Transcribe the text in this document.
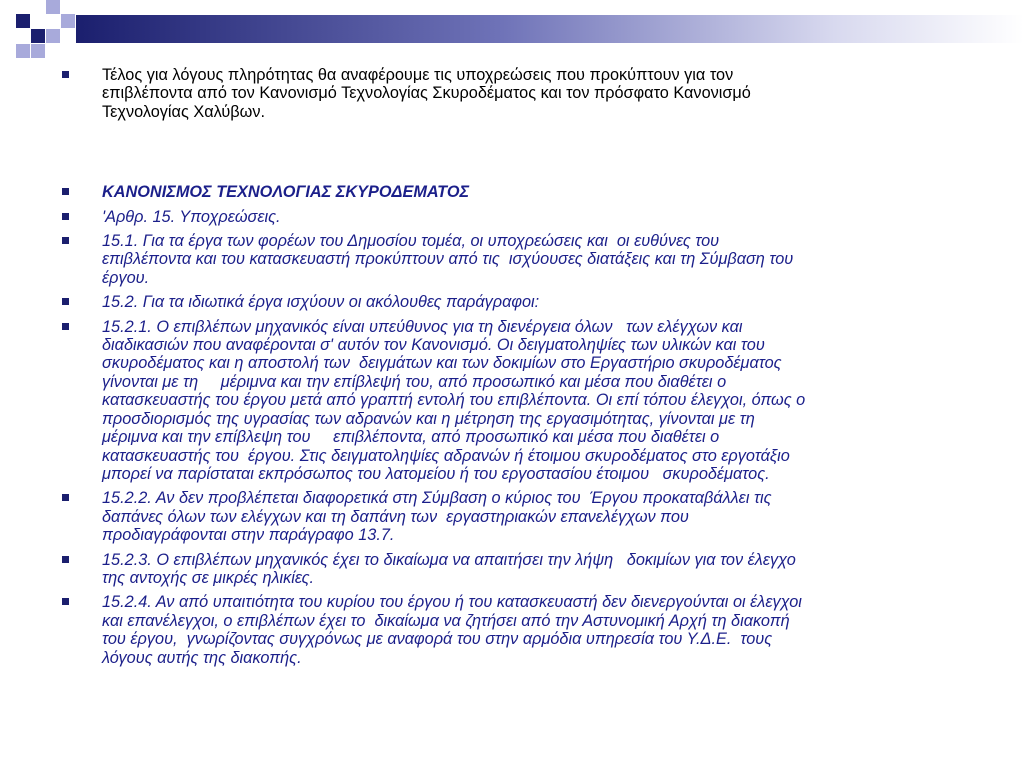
Τέλος για λόγους πληρότητας θα αναφέρουμε τις υποχρεώσεις που προκύπτουν για τον
επιβλέποντα από τον Κανονισμό Τεχνολογίας Σκυροδέματος και τον πρόσφατο Κανονισμό
Τεχνολογίας Χαλύβων.
ΚΑΝΟΝΙΣΜΟΣ ΤΕΧΝΟΛΟΓΙΑΣ ΣΚΥΡΟΔΕΜΑΤΟΣ
'Αρθρ. 15. Υποχρεώσεις.
15.1. Για τα έργα των φορέων του Δημοσίου τομέα, οι υποχρεώσεις και  οι ευθύνες του
επιβλέποντα και του κατασκευαστή προκύπτουν από τις  ισχύουσες διατάξεις και τη Σύμβαση του
έργου.
15.2. Για τα ιδιωτικά έργα ισχύουν οι ακόλουθες παράγραφοι:
15.2.1. Ο επιβλέπων μηχανικός είναι υπεύθυνος για τη διενέργεια όλων   των ελέγχων και
διαδικασιών που αναφέρονται σ' αυτόν τον Κανονισμό. Οι δειγματοληψίες των υλικών και του
σκυροδέματος και η αποστολή των  δειγμάτων και των δοκιμίων στο Εργαστήριο σκυροδέματος
γίνονται με τη     μέριμνα και την επίβλεψή του, από προσωπικό και μέσα που διαθέτει ο
κατασκευαστής του έργου μετά από γραπτή εντολή του επιβλέποντα. Οι επί τόπου έλεγχοι, όπως ο
προσδιορισμός της υγρασίας των αδρανών και η μέτρηση της εργασιμότητας, γίνονται με τη
μέριμνα και την επίβλεψη του     επιβλέποντα, από προσωπικό και μέσα που διαθέτει ο
κατασκευαστής του  έργου. Στις δειγματοληψίες αδρανών ή έτοιμου σκυροδέματος στο εργοτάξιο
μπορεί να παρίσταται εκπρόσωπος του λατομείου ή του εργοστασίου έτοιμου   σκυροδέματος.
15.2.2. Αν δεν προβλέπεται διαφορετικά στη Σύμβαση ο κύριος του  Έργου προκαταβάλλει τις
δαπάνες όλων των ελέγχων και τη δαπάνη των  εργαστηριακών επανελέγχων που
προδιαγράφονται στην παράγραφο 13.7.
15.2.3. Ο επιβλέπων μηχανικός έχει το δικαίωμα να απαιτήσει την λήψη   δοκιμίων για τον έλεγχο
της αντοχής σε μικρές ηλικίες.
15.2.4. Αν από υπαιτιότητα του κυρίου του έργου ή του κατασκευαστή δεν διενεργούνται οι έλεγχοι
και επανέλεγχοι, ο επιβλέπων έχει το  δικαίωμα να ζητήσει από την Αστυνομική Αρχή τη διακοπή
του έργου,  γνωρίζοντας συγχρόνως με αναφορά του στην αρμόδια υπηρεσία του Υ.Δ.Ε.  τους
λόγους αυτής της διακοπής.
